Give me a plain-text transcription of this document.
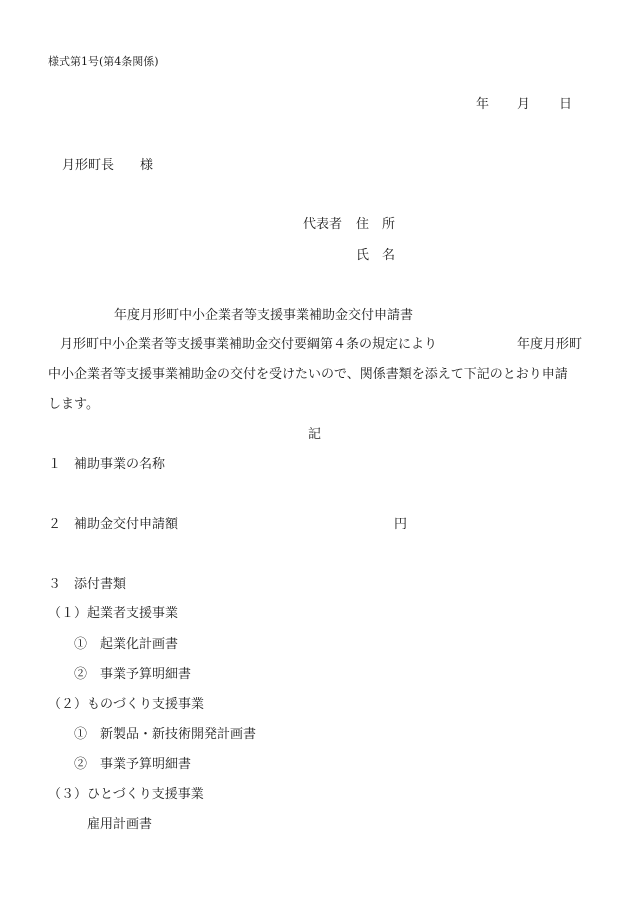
様式第1号(第4条関係)
年 月 日
月形町長 様
代表者 住　所
氏　名
年度月形町中小企業者等支援事業補助金交付申請書
月形町中小企業者等支援事業補助金交付要綱第４条の規定により	年度月形町
中小企業者等支援事業補助金の交付を受けたいので、関係書類を添えて下記のとおり申請
します。
記
１　補助事業の名称
２　補助金交付申請額	円
３　添付書類
（１）起業者支援事業
①　起業化計画書
②　事業予算明細書
（２）ものづくり支援事業
①　新製品・新技術開発計画書
②　事業予算明細書
（３）ひとづくり支援事業
雇用計画書
